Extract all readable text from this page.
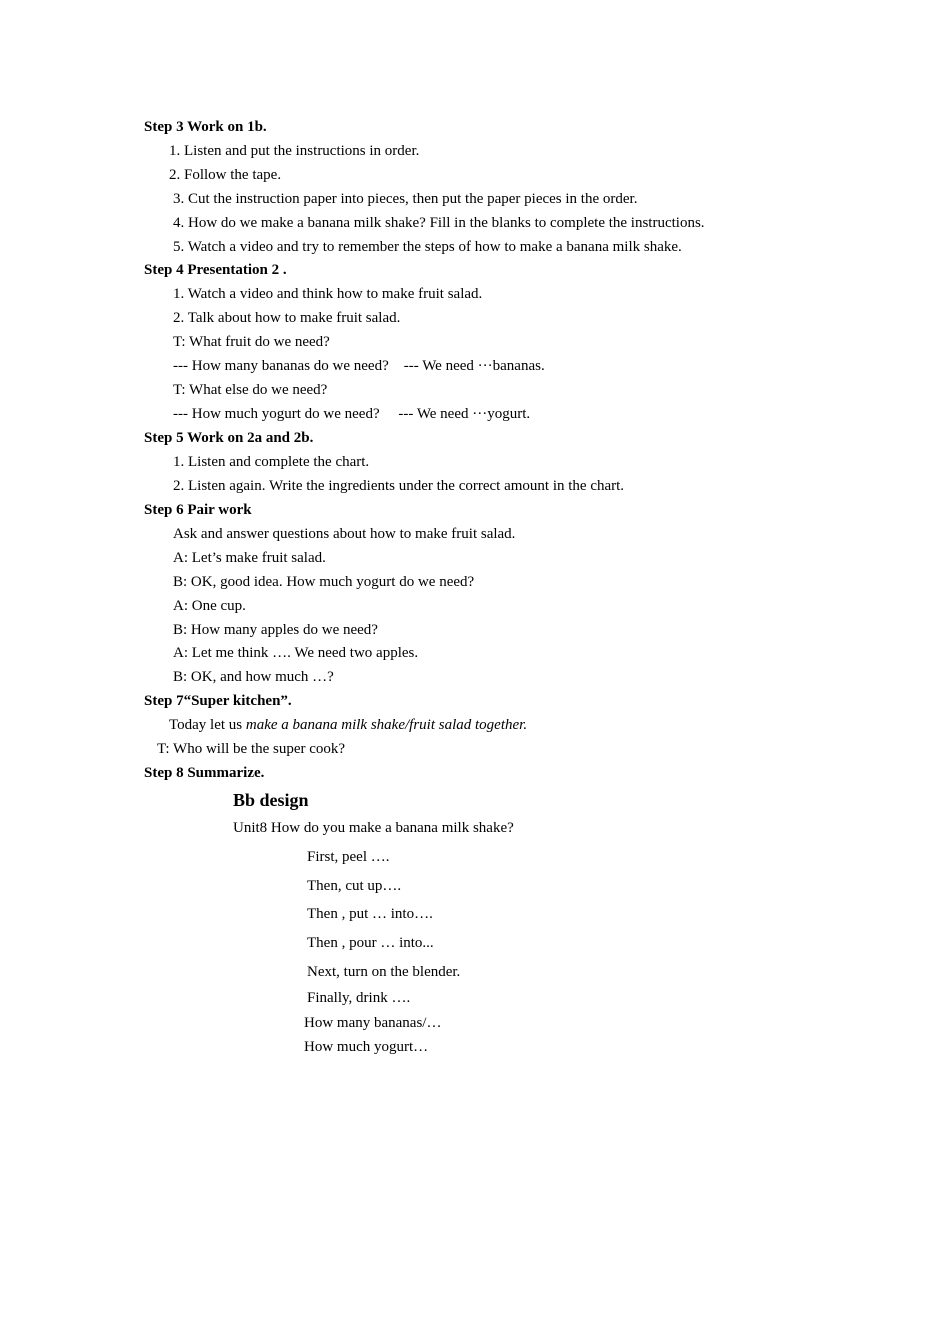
Step 3 Work on 1b.
1. Listen and put the instructions in order.
2. Follow the tape.
3. Cut the instruction paper into pieces, then put the paper pieces in the order.
4. How do we make a banana milk shake? Fill in the blanks to complete the instructions.
5. Watch a video and try to remember the steps of how to make a banana milk shake.
Step 4 Presentation 2 .
1. Watch a video and think how to make fruit salad.
2. Talk about how to make fruit salad.
T: What fruit do we need?
--- How many bananas do we need?    --- We need ···bananas.
T: What else do we need?
--- How much yogurt do we need?     --- We need ···yogurt.
Step 5 Work on 2a and 2b.
1. Listen and complete the chart.
2. Listen again. Write the ingredients under the correct amount in the chart.
Step 6 Pair work
Ask and answer questions about how to make fruit salad.
A: Let’s make fruit salad.
B: OK, good idea. How much yogurt do we need?
A: One cup.
B: How many apples do we need?
A: Let me think …. We need two apples.
B: OK, and how much …?
Step 7“Super kitchen”.
Today let us make a banana milk shake/fruit salad together.
T: Who will be the super cook?
Step 8 Summarize.
Bb design
Unit8 How do you make a banana milk shake?
First, peel ….
Then, cut up….
Then , put … into….
Then , pour … into...
Next, turn on the blender.
Finally, drink ….
How many bananas/…
How much yogurt…
